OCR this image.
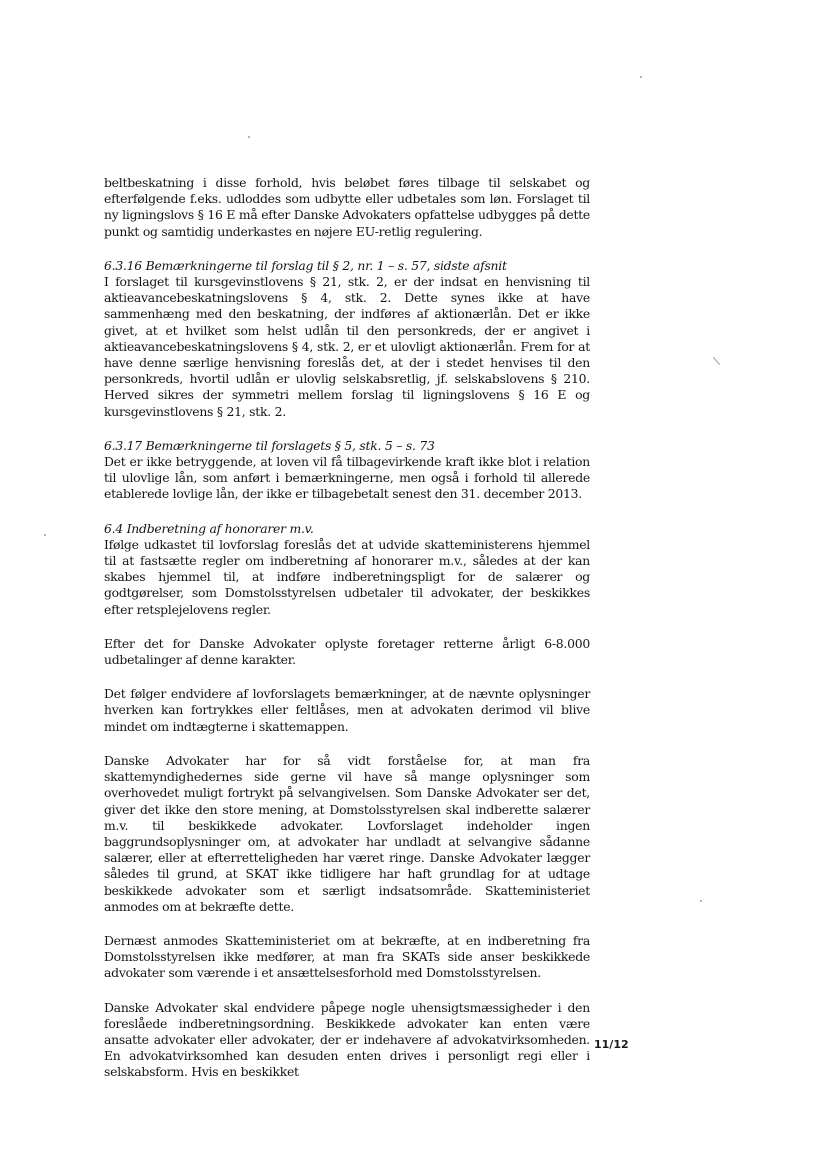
beltbeskatning i disse forhold, hvis beløbet føres tilbage til selskabet og efterfølgende f.eks. udloddes som udbytte eller udbetales som løn. Forslaget til ny ligningslovs § 16 E må efter Danske Advokaters opfattelse udbygges på dette punkt og samtidig underkastes en nøjere EU-retlig regulering.

6.3.16 Bemærkningerne til forslag til § 2, nr. 1 – s. 57, sidste afsnit
I forslaget til kursgevinstlovens § 21, stk. 2, er der indsat en henvisning til aktieavancebeskatningslovens § 4, stk. 2. Dette synes ikke at have sammenhæng med den beskatning, der indføres af aktionærlån. Det er ikke givet, at et hvilket som helst udlån til den personkreds, der er angivet i aktieavancebeskatningslovens § 4, stk. 2, er et ulovligt aktionærlån. Frem for at have denne særlige henvisning foreslås det, at der i stedet henvises til den personkreds, hvortil udlån er ulovlig selskabsretlig, jf. selskabslovens § 210. Herved sikres der symmetri mellem forslag til ligningslovens § 16 E og kursgevinstlovens § 21, stk. 2.

6.3.17 Bemærkningerne til forslagets § 5, stk. 5 – s. 73
Det er ikke betryggende, at loven vil få tilbagevirkende kraft ikke blot i relation til ulovlige lån, som anført i bemærkningerne, men også i forhold til allerede etablerede lovlige lån, der ikke er tilbagebetalt senest den 31. december 2013.

6.4 Indberetning af honorarer m.v.
Ifølge udkastet til lovforslag foreslås det at udvide skatteministerens hjemmel til at fastsætte regler om indberetning af honorarer m.v., således at der kan skabes hjemmel til, at indføre indberetningspligt for de salærer og godtgørelser, som Domstolsstyrelsen udbetaler til advokater, der beskikkes efter retsplejelovens regler.

Efter det for Danske Advokater oplyste foretager retterne årligt 6-8.000 udbetalinger af denne karakter.

Det følger endvidere af lovforslagets bemærkninger, at de nævnte oplysninger hverken kan fortrykkes eller feltlåses, men at advokaten derimod vil blive mindet om indtægterne i skattemappen.

Danske Advokater har for så vidt forståelse for, at man fra skattemyndighedernes side gerne vil have så mange oplysninger som overhovedet muligt fortrykt på selvangivelsen. Som Danske Advokater ser det, giver det ikke den store mening, at Domstolsstyrelsen skal indberette salærer m.v. til beskikkede advokater. Lovforslaget indeholder ingen baggrundsoplysninger om, at advokater har undladt at selvangive sådanne salærer, eller at efterretteligheden har været ringe. Danske Advokater lægger således til grund, at SKAT ikke tidligere har haft grundlag for at udtage beskikkede advokater som et særligt indsatsområde. Skatteministeriet anmodes om at bekræfte dette.

Dernæst anmodes Skatteministeriet om at bekræfte, at en indberetning fra Domstolsstyrelsen ikke medfører, at man fra SKATs side anser beskikkede advokater som værende i et ansættelsesforhold med Domstolsstyrelsen.

Danske Advokater skal endvidere påpege nogle uhensigtsmæssigheder i den foreslåede indberetningsordning. Beskikkede advokater kan enten være ansatte advokater eller advokater, der er indehavere af advokatvirksomheden. En advokatvirksomhed kan desuden enten drives i personligt regi eller i selskabsform. Hvis en beskikket

11/12
